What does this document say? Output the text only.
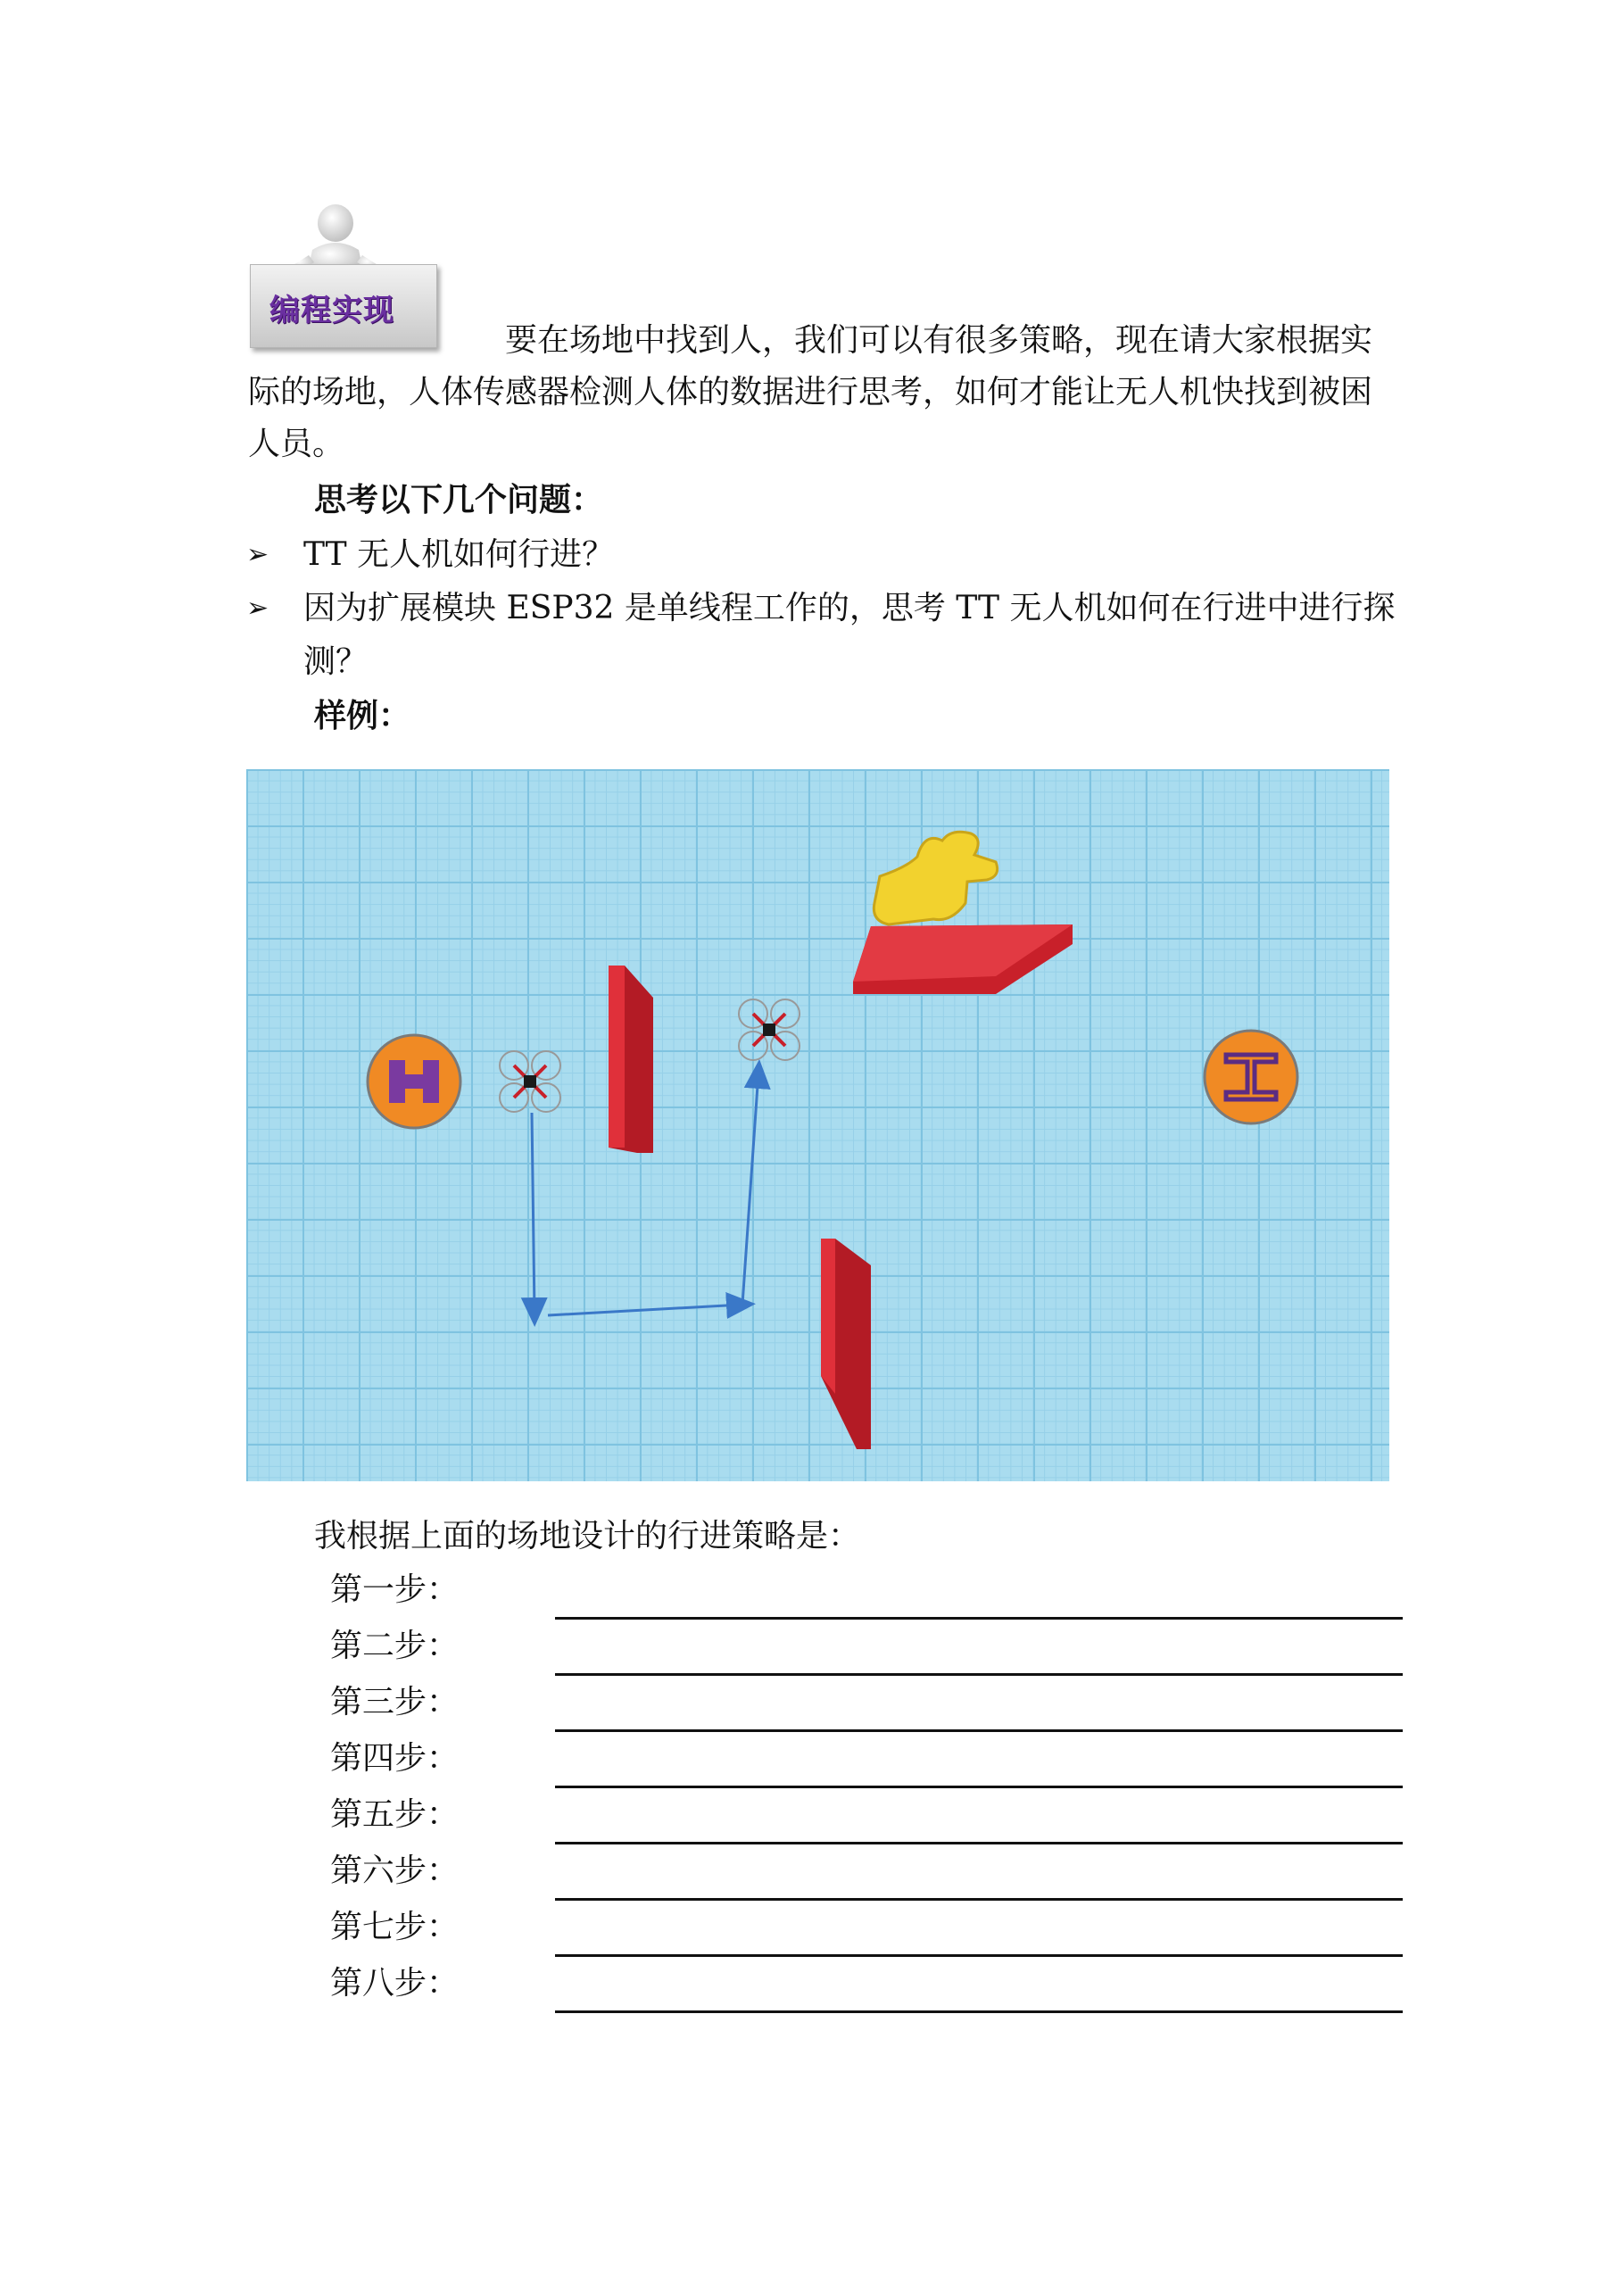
编程实现
要在场地中找到人，我们可以有很多策略，现在请大家根据实
际的场地，人体传感器检测人体的数据进行思考，如何才能让无人机快找到被困
人员。
思考以下几个问题：
➢ TT 无人机如何行进？
➢ 因为扩展模块 ESP32 是单线程工作的，思考 TT 无人机如何在行进中进行探
测？
样例：
我根据上面的场地设计的行进策略是：
第一步：
第二步：
第三步：
第四步：
第五步：
第六步：
第七步：
第八步：
